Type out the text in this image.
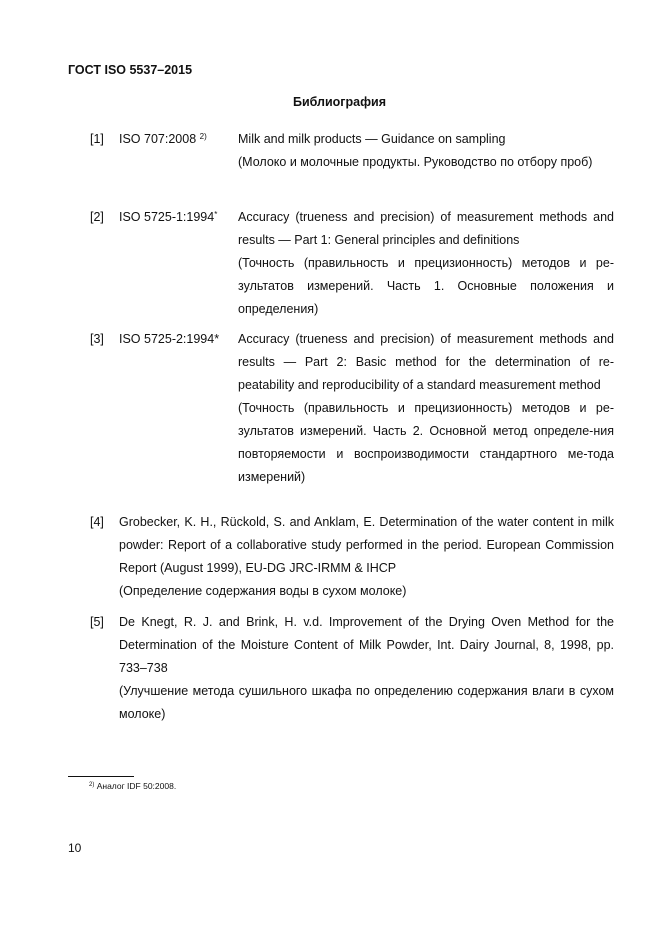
ГОСТ ISO 5537–2015
Библиография
[1] ISO 707:2008 $^{2)}$ Milk and milk products — Guidance on sampling
(Молоко и молочные продукты. Руководство по отбору проб)
[2] ISO 5725-1:1994* Accuracy (trueness and precision) of measurement methods and results — Part 1: General principles and definitions
(Точность (правильность и прецизионность) методов и ре-зультатов измерений. Часть 1. Основные положения и определения)
[3] ISO 5725-2:1994* Accuracy (trueness and precision) of measurement methods and results — Part 2: Basic method for the determination of re-peatability and reproducibility of a standard measurement method
(Точность (правильность и прецизионность) методов и ре-зультатов измерений. Часть 2. Основной метод определе-ния повторяемости и воспроизводимости стандартного ме-тода измерений)
[4] Grobecker, K. H., Rückold, S. and Anklam, E. Determination of the water content in milk powder: Report of a collaborative study performed in the period. European Commission Report (August 1999), EU-DG JRC-IRMM & IHCP
(Определение содержания воды в сухом молоке)
[5] De Knegt, R. J. and Brink, H. v.d. Improvement of the Drying Oven Method for the Determination of the Moisture Content of Milk Powder, Int. Dairy Journal, 8, 1998, pp. 733–738
(Улучшение метода сушильного шкафа по определению содержания влаги в сухом молоке)
$^{2)}$ Аналог IDF 50:2008.
10
